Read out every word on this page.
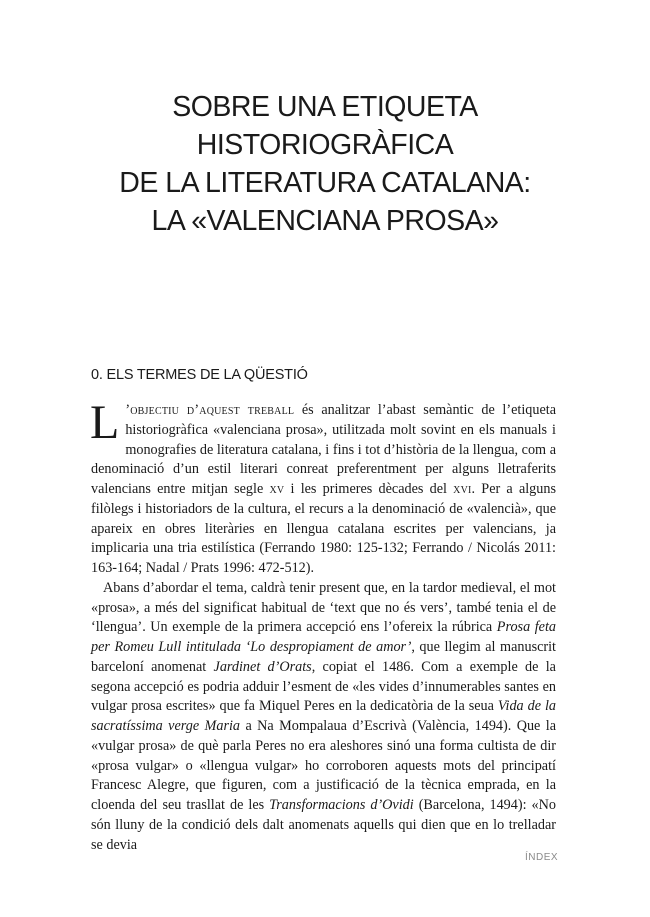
SOBRE UNA ETIQUETA
HISTORIOGRÀFICA
DE LA LITERATURA CATALANA:
LA «VALENCIANA PROSA»
0. ELS TERMES DE LA QÜESTIÓ

L ’objectiu d’aquest treball és analitzar l’abast semàntic de l’etiqueta historiogràfica «valenciana prosa», utilitzada molt sovint en els manuals i monografies de literatura catalana, i fins i tot d’història de la llengua, com a denominació d’un estil literari conreat preferentment per alguns lletraferits valencians entre mitjan segle xv i les primeres dècades del xvi. Per a alguns filòlegs i historiadors de la cultura, el recurs a la denominació de «valencià», que apareix en obres literàries en llengua catalana escrites per valencians, ja implicaria una tria estilística (Ferrando 1980: 125-132; Ferrando / Nicolás 2011: 163-164; Nadal / Prats 1996: 472-512).

Abans d’abordar el tema, caldrà tenir present que, en la tardor medieval, el mot «prosa», a més del significat habitual de ‘text que no és vers’, també tenia el de ‘llengua’. Un exemple de la primera accepció ens l’ofereix la rúbrica Prosa feta per Romeu Lull intitulada ‘Lo despropiament de amor’, que llegim al manuscrit barceloní anomenat Jardinet d’Orats, copiat el 1486. Com a exemple de la segona accepció es podria adduir l’esment de «les vides d’innumerables santes en vulgar prosa escrites» que fa Miquel Peres en la dedicatòria de la seua Vida de la sacratíssima verge Maria a Na Mompalaua d’Escrivà (València, 1494). Que la «vulgar prosa» de què parla Peres no era aleshores sinó una forma cultista de dir «prosa vulgar» o «llengua vulgar» ho corroboren aquests mots del principatí Francesc Alegre, que figuren, com a justificació de la tècnica emprada, en la cloenda del seu trasllat de les Transformacions d’Ovidi (Barcelona, 1494): «No són lluny de la condició dels dalt anomenats aquells qui dien que en lo trelladar se devia

ÍNDEX
